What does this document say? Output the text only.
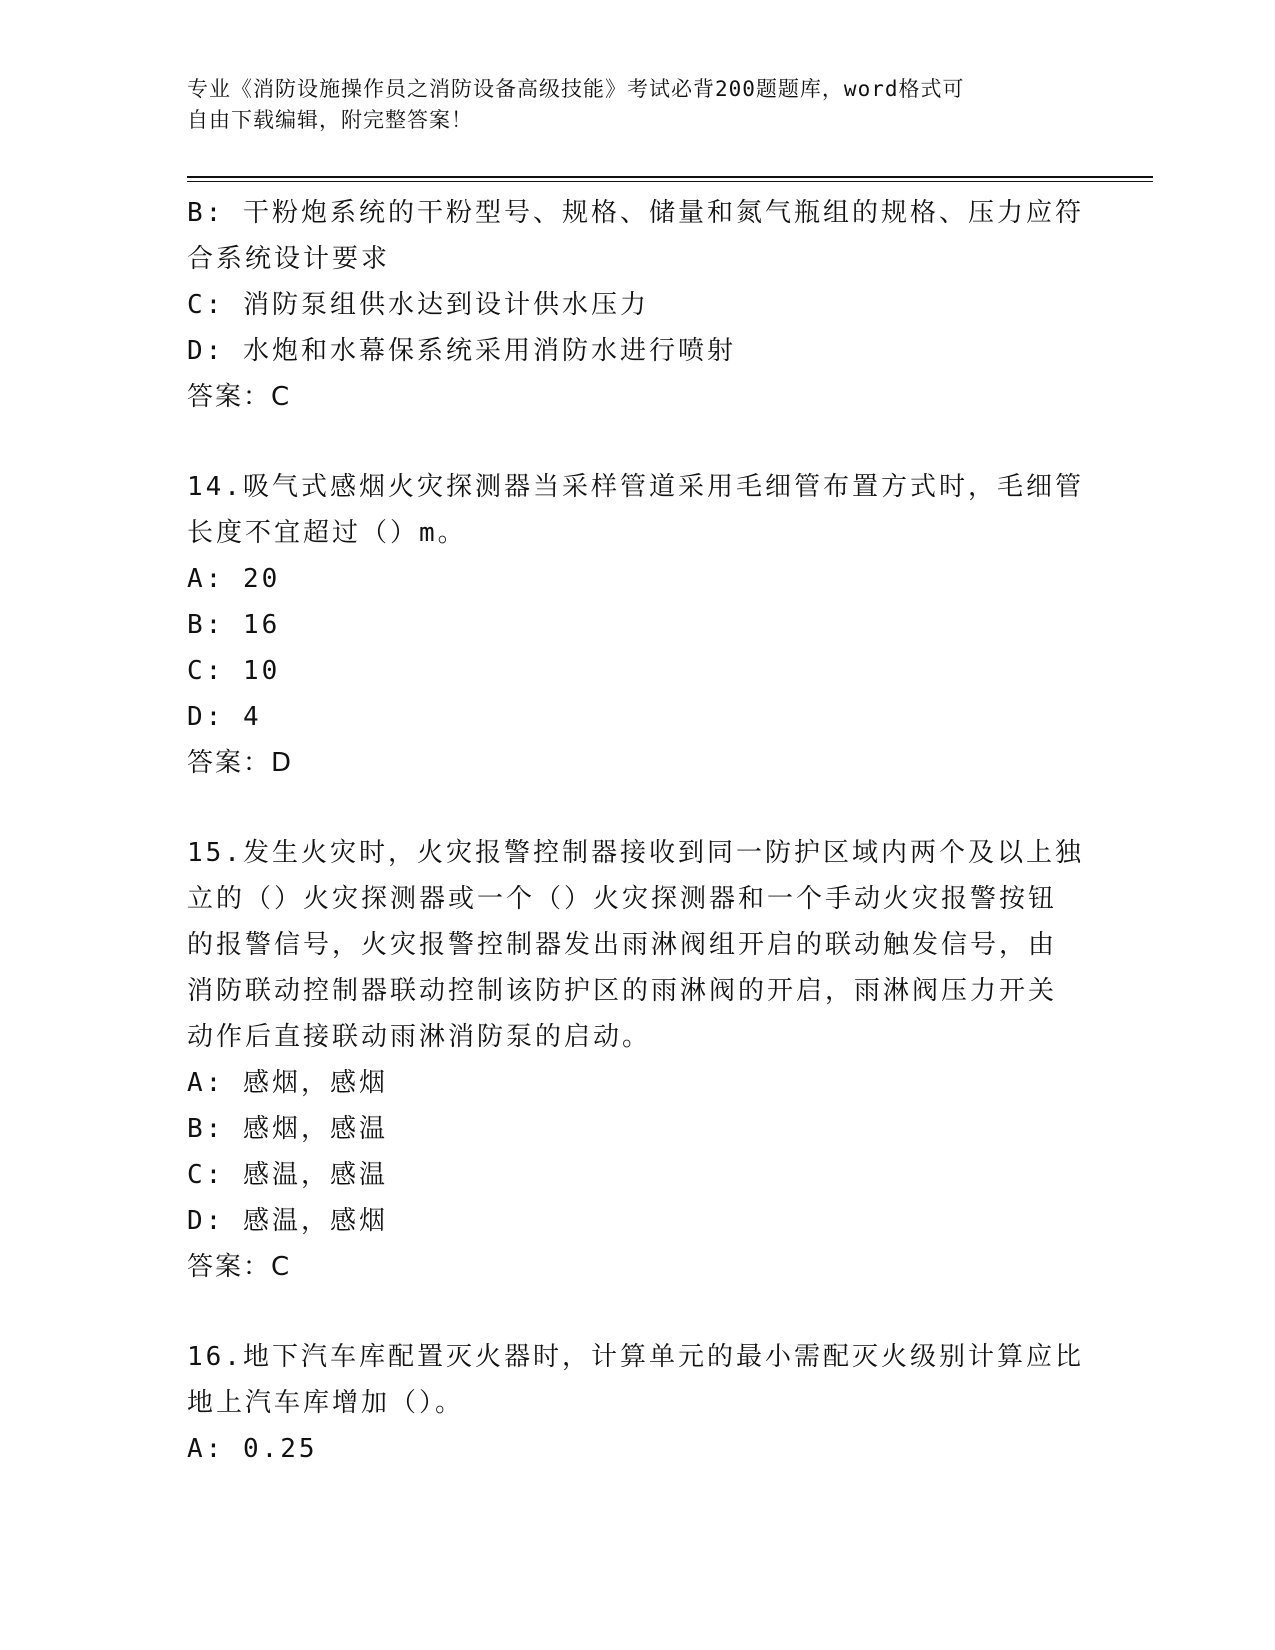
专业《消防设施操作员之消防设备高级技能》考试必背200题题库，word格式可
自由下载编辑，附完整答案！
B: 干粉炮系统的干粉型号、规格、储量和氮气瓶组的规格、压力应符
合系统设计要求
C: 消防泵组供水达到设计供水压力
D: 水炮和水幕保系统采用消防水进行喷射
答案：C
14.吸气式感烟火灾探测器当采样管道采用毛细管布置方式时，毛细管
长度不宜超过（）m。
A: 20
B: 16
C: 10
D: 4
答案：D
15.发生火灾时，火灾报警控制器接收到同一防护区域内两个及以上独
立的（）火灾探测器或一个（）火灾探测器和一个手动火灾报警按钮
的报警信号，火灾报警控制器发出雨淋阀组开启的联动触发信号，由
消防联动控制器联动控制该防护区的雨淋阀的开启，雨淋阀压力开关
动作后直接联动雨淋消防泵的启动。
A: 感烟，感烟
B: 感烟，感温
C: 感温，感温
D: 感温，感烟
答案：C
16.地下汽车库配置灭火器时，计算单元的最小需配灭火级别计算应比
地上汽车库增加（）。
A: 0.25
